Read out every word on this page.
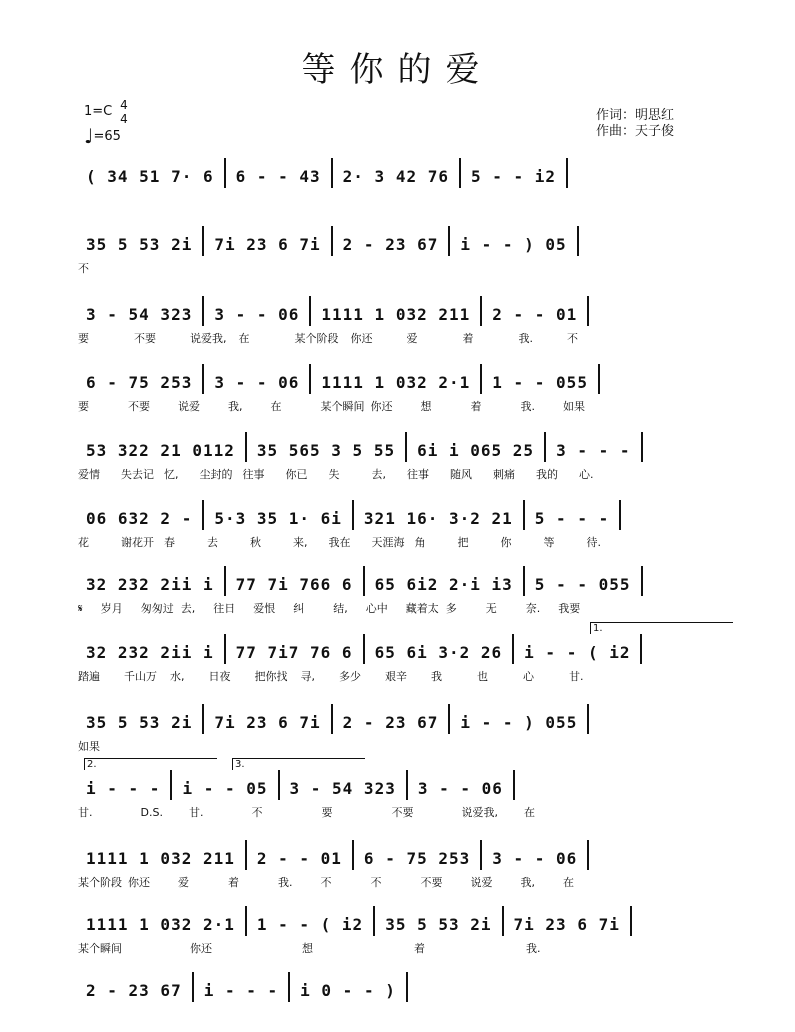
等你的爱
1=C 4
4
♩=65
作词：明思红
作曲：天子俊
( 34 51 7· 6 6 - - 43 2· 3 42 76 5 - - i2
35 5 53 2i 7i 23 6 7i 2 - 23 67 i - - ) 05
不
3 - 54 323 3 - - 06 1111 1 032 211 2 - - 01
要	不要	说爱我, 在	某个阶段 你还	爱	着	我.	不
6 - 75 253 3 - - 06 1111 1 032 2·1 1 - - 055
要	不要	说爱	我,	在	某个瞬间 你还	想	着	我.	如果
53 322 21 0112 35 565 3 5 55 6i i 065 25 3 - - -
爱情 失去记 忆, 尘封的 往事 你已 失	去, 往事 随风 刺痛 我的 心.
06 632 2 - 5·3 35 1· 6i 321 16· 3·2 21 5 - - -
花	谢花开 春	去	秋	来, 我在 天涯海 角	把	你	等	待.
32 232 2ii i 77 7i 766 6 65 6i2 2·i i3 5 - - 055
𝄋 岁月 匆匆过 去, 往日 爱恨 纠	结, 心中 藏着太 多	无	奈. 我要
32 232 2ii i 77 7i7 76 6 65 6i 3·2 26 i - - ( i2
踏遍 千山万 水, 日夜 把你找 寻, 多少 艰辛 我	也	心	甘.
1.
35 5 53 2i 7i 23 6 7i 2 - 23 67 i - - ) 055
如果
i - - - i - - 05 3 - 54 323 3 - - 06
甘.	D.S. 甘.	不	要	不要	说爱我, 在
2.	3.
1111 1 032 211 2 - - 01 6 - 75 253 3 - - 06
某个阶段 你还	爱	着	我.	不	不	不要	说爱	我,	在
1111 1 032 2·1 1 - - ( i2 35 5 53 2i 7i 23 6 7i
某个瞬间	你还	想	着	我.
2 - 23 67 i - - - i 0 - - )
